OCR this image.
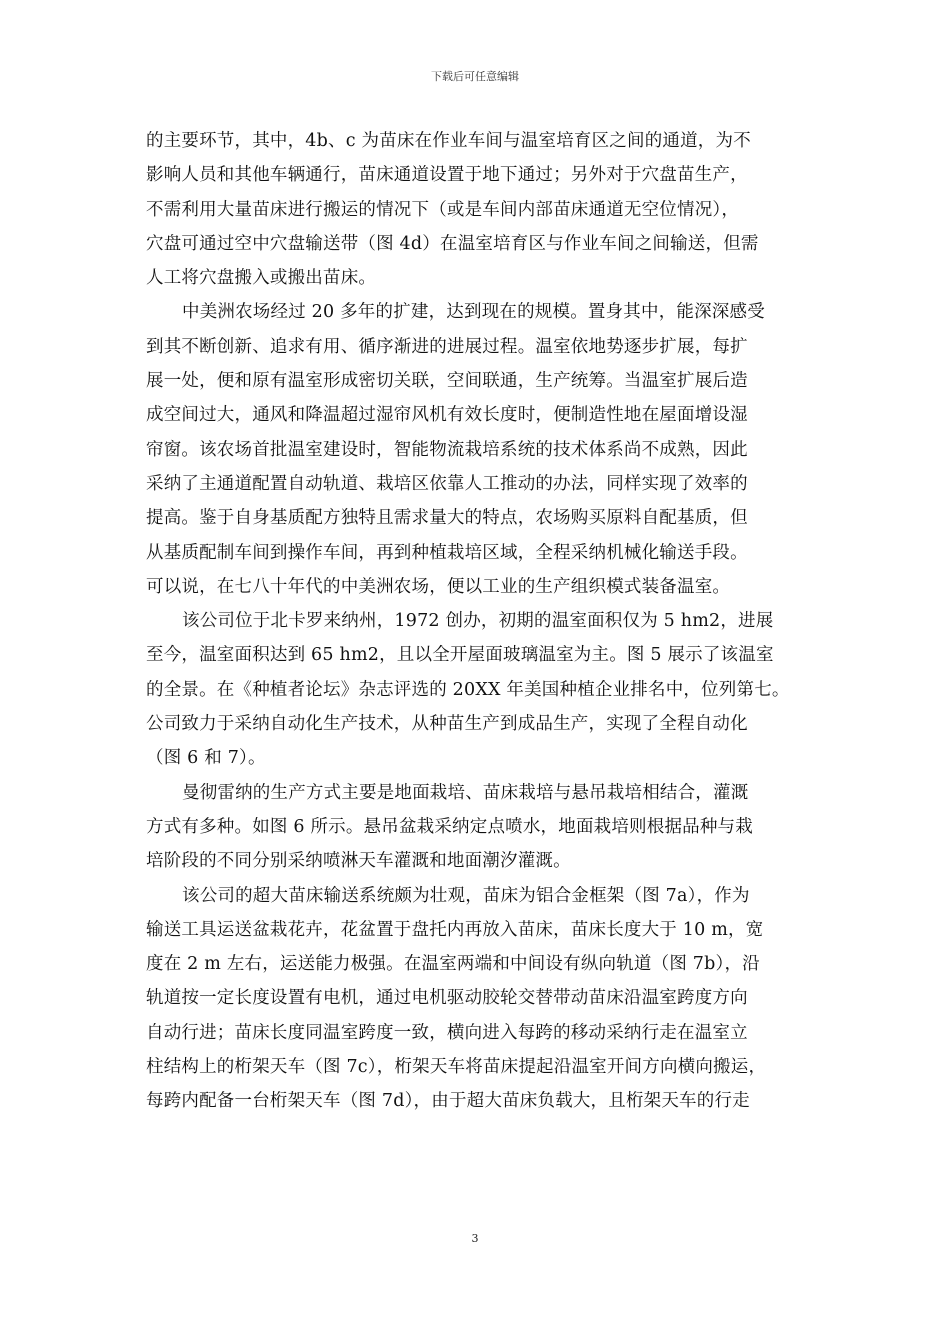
下载后可任意编辑
的主要环节，其中，4b、c 为苗床在作业车间与温室培育区之间的通道，为不
影响人员和其他车辆通行，苗床通道设置于地下通过；另外对于穴盘苗生产，
不需利用大量苗床进行搬运的情况下（或是车间内部苗床通道无空位情况），
穴盘可通过空中穴盘输送带（图 4d）在温室培育区与作业车间之间输送，但需
人工将穴盘搬入或搬出苗床。
中美洲农场经过 20 多年的扩建，达到现在的规模。置身其中，能深深感受
到其不断创新、追求有用、循序渐进的进展过程。温室依地势逐步扩展，每扩
展一处，便和原有温室形成密切关联，空间联通，生产统筹。当温室扩展后造
成空间过大，通风和降温超过湿帘风机有效长度时，便制造性地在屋面增设湿
帘窗。该农场首批温室建设时，智能物流栽培系统的技术体系尚不成熟，因此
采纳了主通道配置自动轨道、栽培区依靠人工推动的办法，同样实现了效率的
提高。鉴于自身基质配方独特且需求量大的特点，农场购买原料自配基质，但
从基质配制车间到操作车间，再到种植栽培区域，全程采纳机械化输送手段。
可以说，在七八十年代的中美洲农场，便以工业的生产组织模式装备温室。
该公司位于北卡罗来纳州，1972 创办，初期的温室面积仅为 5 hm2，进展
至今，温室面积达到 65 hm2，且以全开屋面玻璃温室为主。图 5 展示了该温室
的全景。在《种植者论坛》杂志评选的 20XX 年美国种植企业排名中，位列第七。
公司致力于采纳自动化生产技术，从种苗生产到成品生产，实现了全程自动化
（图 6 和 7）。
曼彻雷纳的生产方式主要是地面栽培、苗床栽培与悬吊栽培相结合，灌溉
方式有多种。如图 6 所示。悬吊盆栽采纳定点喷水，地面栽培则根据品种与栽
培阶段的不同分别采纳喷淋天车灌溉和地面潮汐灌溉。
该公司的超大苗床输送系统颇为壮观，苗床为铝合金框架（图 7a），作为
输送工具运送盆栽花卉，花盆置于盘托内再放入苗床，苗床长度大于 10 m，宽
度在 2 m 左右，运送能力极强。在温室两端和中间设有纵向轨道（图 7b），沿
轨道按一定长度设置有电机，通过电机驱动胶轮交替带动苗床沿温室跨度方向
自动行进；苗床长度同温室跨度一致，横向进入每跨的移动采纳行走在温室立
柱结构上的桁架天车（图 7c），桁架天车将苗床提起沿温室开间方向横向搬运，
每跨内配备一台桁架天车（图 7d），由于超大苗床负载大，且桁架天车的行走
3
